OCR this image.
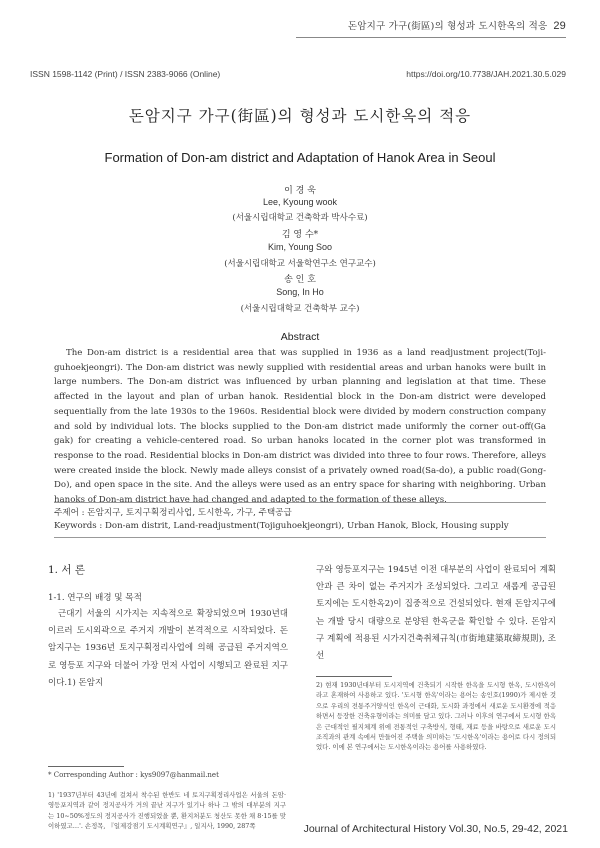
돈암지구 가구(街區)의 형성과 도시한옥의 적응 29
ISSN 1598-1142 (Print) / ISSN 2383-9066 (Online)	https://doi.org/10.7738/JAH.2021.30.5.029
돈암지구 가구(街區)의 형성과 도시한옥의 적응
Formation of Don-am district and Adaptation of Hanok Area in Seoul
이 경 욱
Lee, Kyoung wook
(서울시립대학교 건축학과 박사수료)
김 영 수*
Kim, Young Soo
(서울시립대학교 서울학연구소 연구교수)
송 인 호
Song, In Ho
(서울시립대학교 건축학부 교수)
Abstract
The Don-am district is a residential area that was supplied in 1936 as a land readjustment project(Toji-guhoekjeongri). The Don-am district was newly supplied with residential areas and urban hanoks were built in large numbers. The Don-am district was influenced by urban planning and legislation at that time. These affected in the layout and plan of urban hanok. Residential block in the Don-am district were developed sequentially from the late 1930s to the 1960s. Residential block were divided by modern construction company and sold by individual lots. The blocks supplied to the Don-am district made uniformly the corner out-off(Ga gak) for creating a vehicle-centered road. So urban hanoks located in the corner plot was transformed in response to the road. Residential blocks in Don-am district was divided into three to four rows. Therefore, alleys were created inside the block. Newly made alleys consist of a privately owned road(Sa-do), a public road(Gong-Do), and open space in the site. And the alleys were used as an entry space for sharing with neighboring. Urban hanoks of Don-am district have had changed and adapted to the formation of these alleys.
주제어 : 돈암지구, 토지구획정리사업, 도시한옥, 가구, 주택공급
Keywords : Don-am distrit, Land-readjustment(Tojiguhoekjeongri), Urban Hanok, Block, Housing supply
1. 서 론
1-1. 연구의 배경 및 목적
근대기 서울의 시가지는 지속적으로 확장되었으며 1930년대 이르러 도시외곽으로 주거지 개발이 본격적으로 시작되었다. 돈암지구는 1936년 토지구획정리사업에 의해 공급된 주거지역으로 영등포 지구와 더불어 가장 먼저 사업이 시행되고 완료된 지구이다.1) 돈암지
* Corresponding Author : kys9097@hanmail.net
1) '1937년부터 43년에 걸쳐서 착수된 한반도 네 토지구획정리사업은 서울의 돈암·영등포지역과 같이 정지공사가 거의 끝난 지구가 있기나 하나 그 밖의 대부분의 지구는 10~50%정도의 정지공사가 진행되었을 뿐, 환지처분도 청산도 못한 채 8·15를 맞이하였고…'. 손정목, 『일제강점기 도시계획연구』, 일지사, 1990, 287쪽
구와 영등포지구는 1945년 이전 대부분의 사업이 완료되어 계획안과 큰 차이 없는 주거지가 조성되었다. 그리고 새롭게 공급된 토지에는 도시한옥2)이 집중적으로 건설되었다. 현재 돈암지구에는 개발 당시 대량으로 분양된 한옥군을 확인할 수 있다. 돈암지구 계획에 적용된 시가지건축취체규칙(市街地建築取締規則), 조선
2) 현재 1930년대부터 도시지역에 건축되기 시작한 한옥을 도시형 한옥, 도시한옥이라고 혼재하여 사용하고 있다. '도시형 한옥'이라는 용어는 송인호(1990)가 제시한 것으로 우리의 전통주거양식인 한옥이 근대화, 도시화 과정에서 새로운 도시환경에 적응하면서 등장한 건축유형이라는 의미를 담고 있다. 그러나 이후의 연구에서 도시형 한옥은 근대적인 필지체계 위에 전통적인 구축방식, 형태, 재료 등을 바탕으로 새로운 도시조직과의 관계 속에서 만들어진 주택을 의미하는 '도시한옥'이라는 용어로 다시 정의되었다. 이에 본 연구에서는 도시한옥이라는 용어를 사용하였다.
Journal of Architectural History Vol.30, No.5, 29-42, 2021
